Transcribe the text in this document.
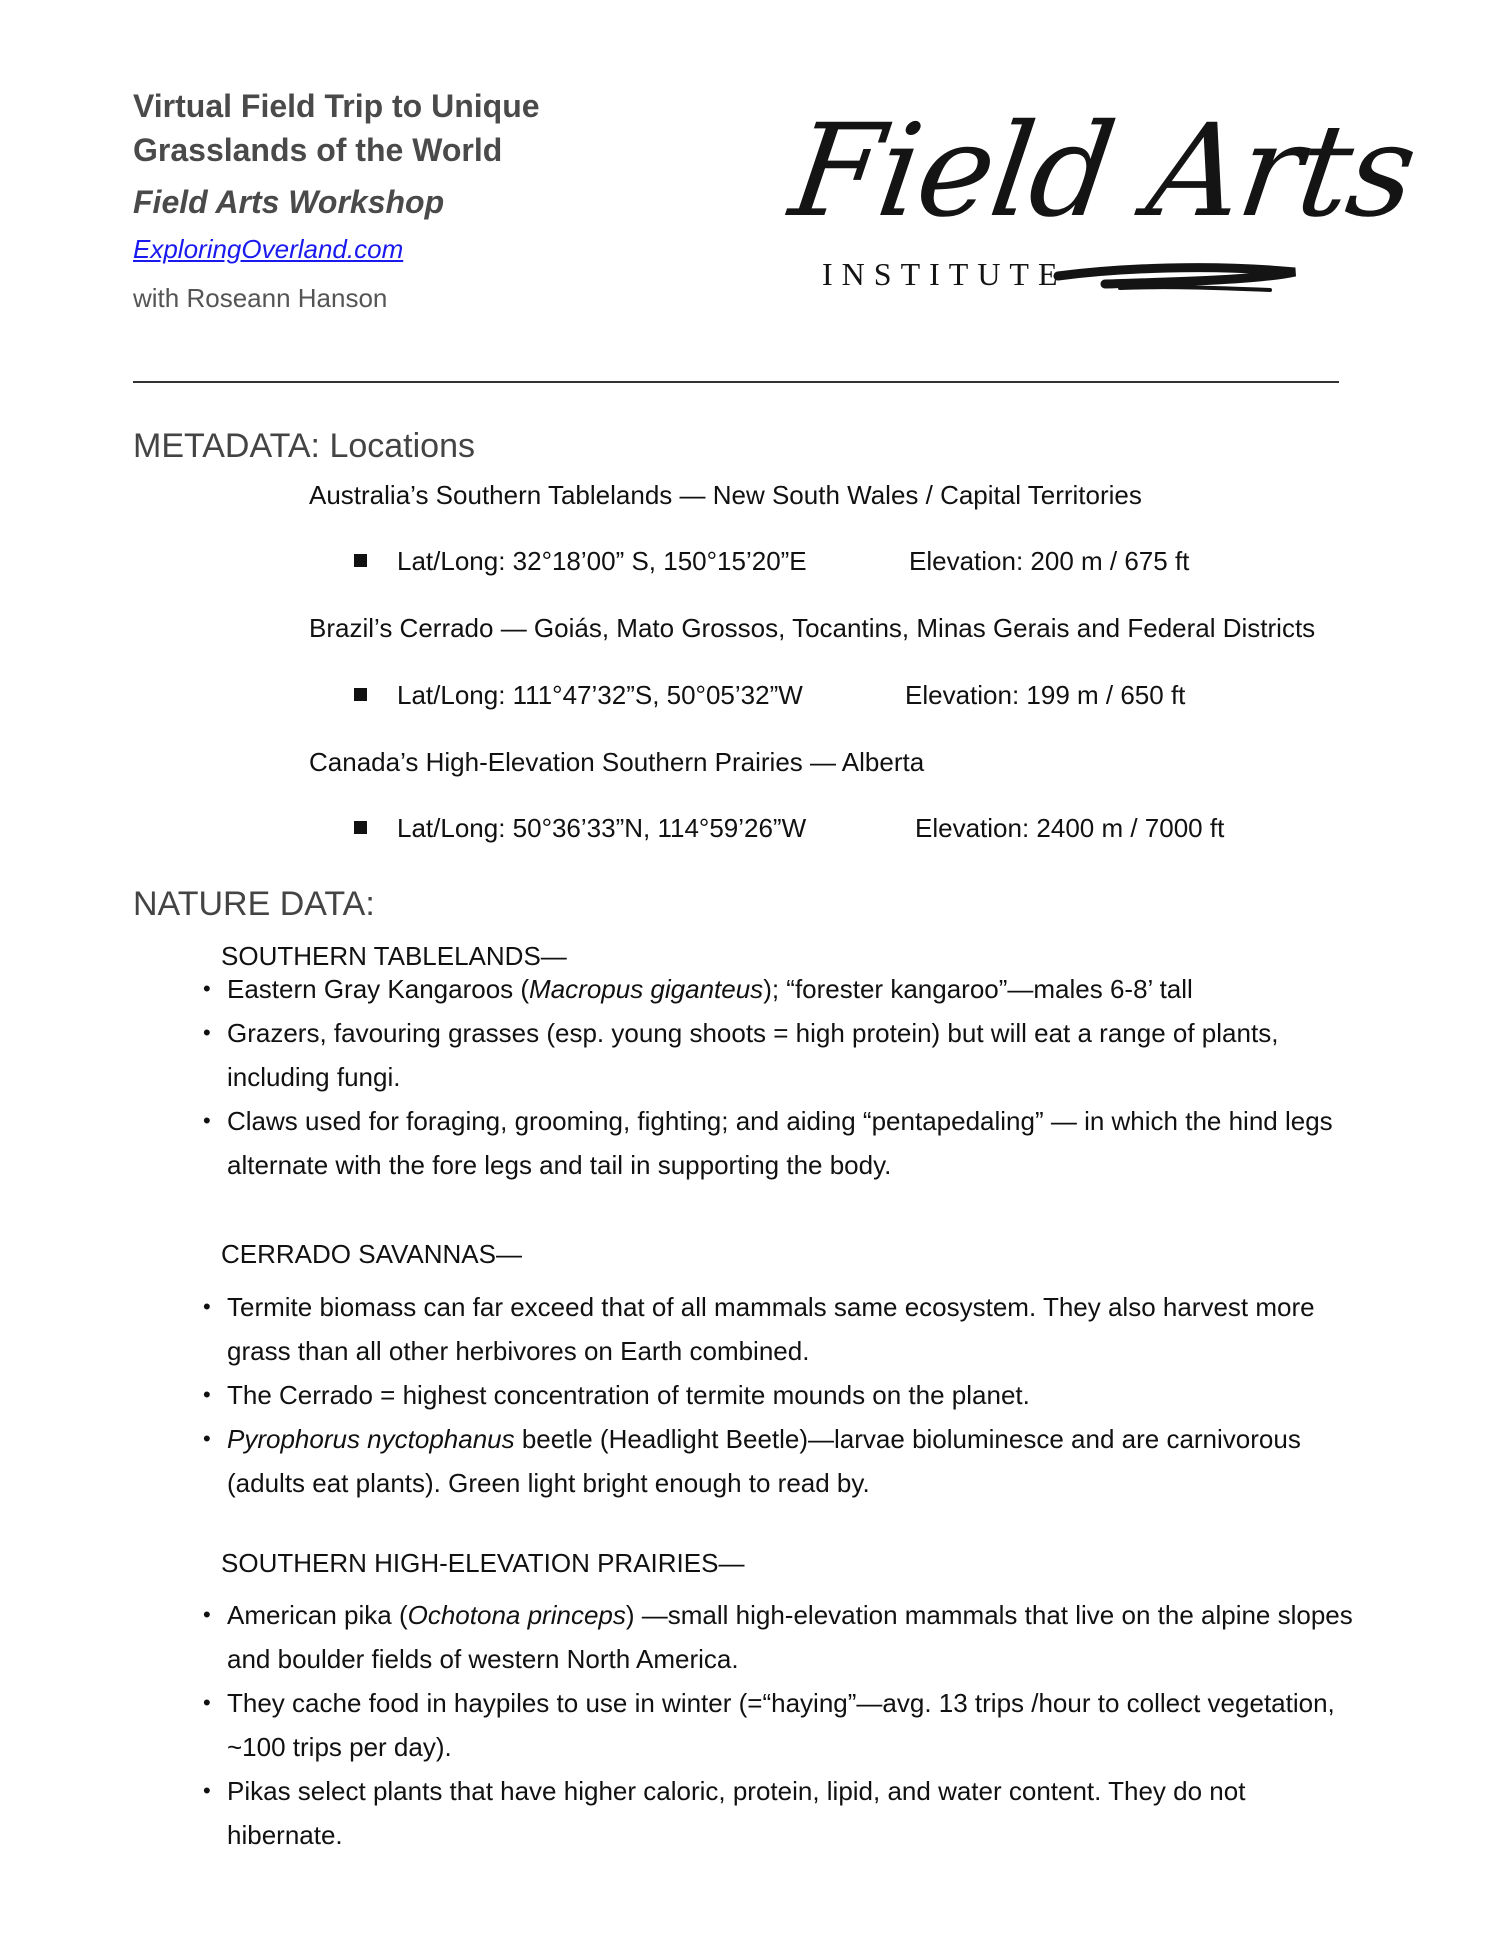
Virtual Field Trip to Unique
Grasslands of the World
Field Arts Workshop
ExploringOverland.com
with Roseann Hanson
Field Arts
INSTITUTE
METADATA: Locations
Australia’s Southern Tablelands — New South Wales / Capital Territories
Lat/Long: 32°18’00” S, 150°15’20”E	Elevation: 200 m / 675 ft
Brazil’s Cerrado — Goiás, Mato Grossos, Tocantins, Minas Gerais and Federal Districts
Lat/Long: 111°47’32”S, 50°05’32”W	Elevation: 199 m / 650 ft
Canada’s High-Elevation Southern Prairies — Alberta
Lat/Long: 50°36’33”N, 114°59’26”W	Elevation: 2400 m / 7000 ft
NATURE DATA:
SOUTHERN TABLELANDS—
• Eastern Gray Kangaroos (Macropus giganteus); “forester kangaroo”—males 6-8’ tall
• Grazers, favouring grasses (esp. young shoots = high protein) but will eat a range of plants, including fungi.
• Claws used for foraging, grooming, fighting; and aiding “pentapedaling” — in which the hind legs alternate with the fore legs and tail in supporting the body.
CERRADO SAVANNAS—
• Termite biomass can far exceed that of all mammals same ecosystem. They also harvest more grass than all other herbivores on Earth combined.
• The Cerrado = highest concentration of termite mounds on the planet.
• Pyrophorus nyctophanus beetle (Headlight Beetle)—larvae bioluminesce and are carnivorous (adults eat plants). Green light bright enough to read by.
SOUTHERN HIGH-ELEVATION PRAIRIES—
• American pika (Ochotona princeps) —small high-elevation mammals that live on the alpine slopes and boulder fields of western North America.
• They cache food in haypiles to use in winter (=“haying”—avg. 13 trips /hour to collect vegetation, ~100 trips per day).
• Pikas select plants that have higher caloric, protein, lipid, and water content. They do not hibernate.
